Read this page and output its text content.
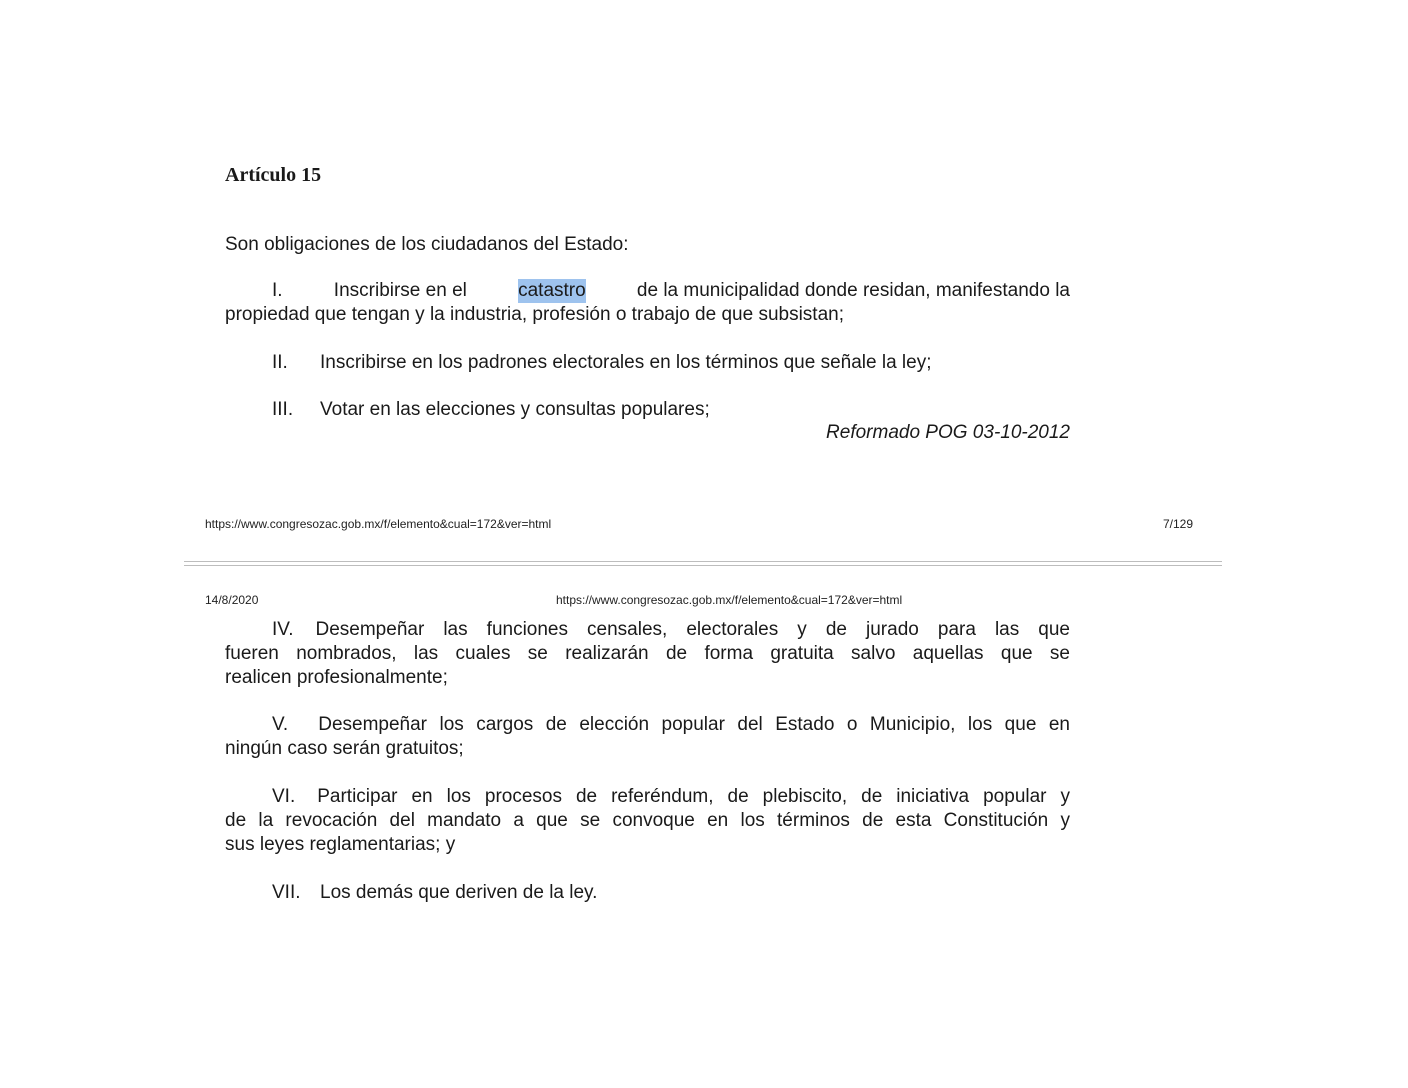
Artículo 15
Son obligaciones de los ciudadanos del Estado:
I.	Inscribirse en el	catastro	de la municipalidad donde residan, manifestando la
propiedad que tengan y la industria, profesión o trabajo de que subsistan;
II. Inscribirse en los padrones electorales en los términos que señale la ley;
III. Votar en las elecciones y consultas populares;
Reformado POG 03-10-2012
https://www.congresozac.gob.mx/f/elemento&cual=172&ver=html	7/129
14/8/2020	https://www.congresozac.gob.mx/f/elemento&cual=172&ver=html
IV.	Desempeñar las funciones censales, electorales y de jurado para las que
fueren nombrados, las cuales se realizarán de forma gratuita salvo aquellas que se
realicen profesionalmente;
V.	Desempeñar los cargos de elección popular del Estado o Municipio, los que en
ningún caso serán gratuitos;
VI.	Participar en los procesos de referéndum, de plebiscito, de iniciativa popular y
de la revocación del mandato a que se convoque en los términos de esta Constitución y
sus leyes reglamentarias; y
VII. Los demás que deriven de la ley.
